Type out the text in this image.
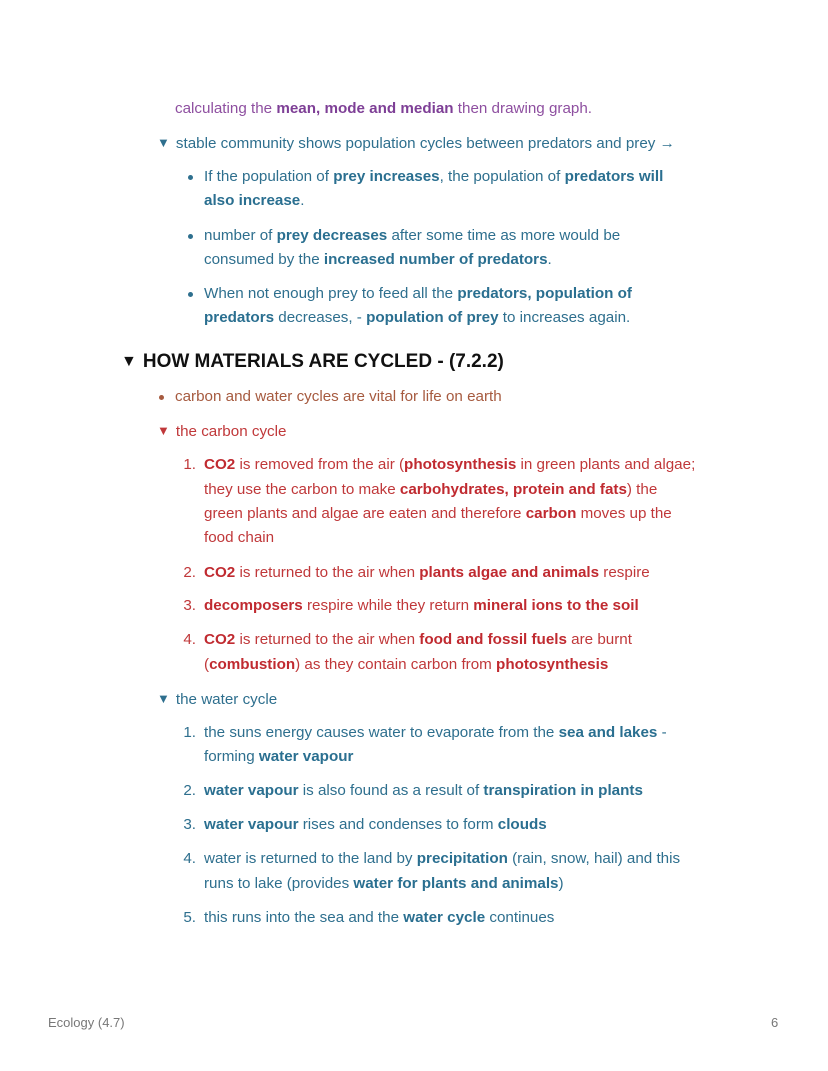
calculating the mean, mode and median then drawing graph.
▼ stable community shows population cycles between predators and prey →
If the population of prey increases, the population of predators will
also increase.
number of prey decreases after some time as more would be
consumed by the increased number of predators.
When not enough prey to feed all the predators, population of
predators decreases, - population of prey to increases again.
▼ HOW MATERIALS ARE CYCLED - (7.2.2)
carbon and water cycles are vital for life on earth
▼ the carbon cycle
1. CO2 is removed from the air (photosynthesis in green plants and algae;
they use the carbon to make carbohydrates, protein and fats) the
green plants and algae are eaten and therefore carbon moves up the
food chain
2. CO2 is returned to the air when plants algae and animals respire
3. decomposers respire while they return mineral ions to the soil
4. CO2 is returned to the air when food and fossil fuels are burnt
(combustion) as they contain carbon from photosynthesis
▼ the water cycle
1. the suns energy causes water to evaporate from the sea and lakes -
forming water vapour
2. water vapour is also found as a result of transpiration in plants
3. water vapour rises and condenses to form clouds
4. water is returned to the land by precipitation (rain, snow, hail) and this
runs to lake (provides water for plants and animals)
5. this runs into the sea and the water cycle continues
Ecology (4.7)	6
